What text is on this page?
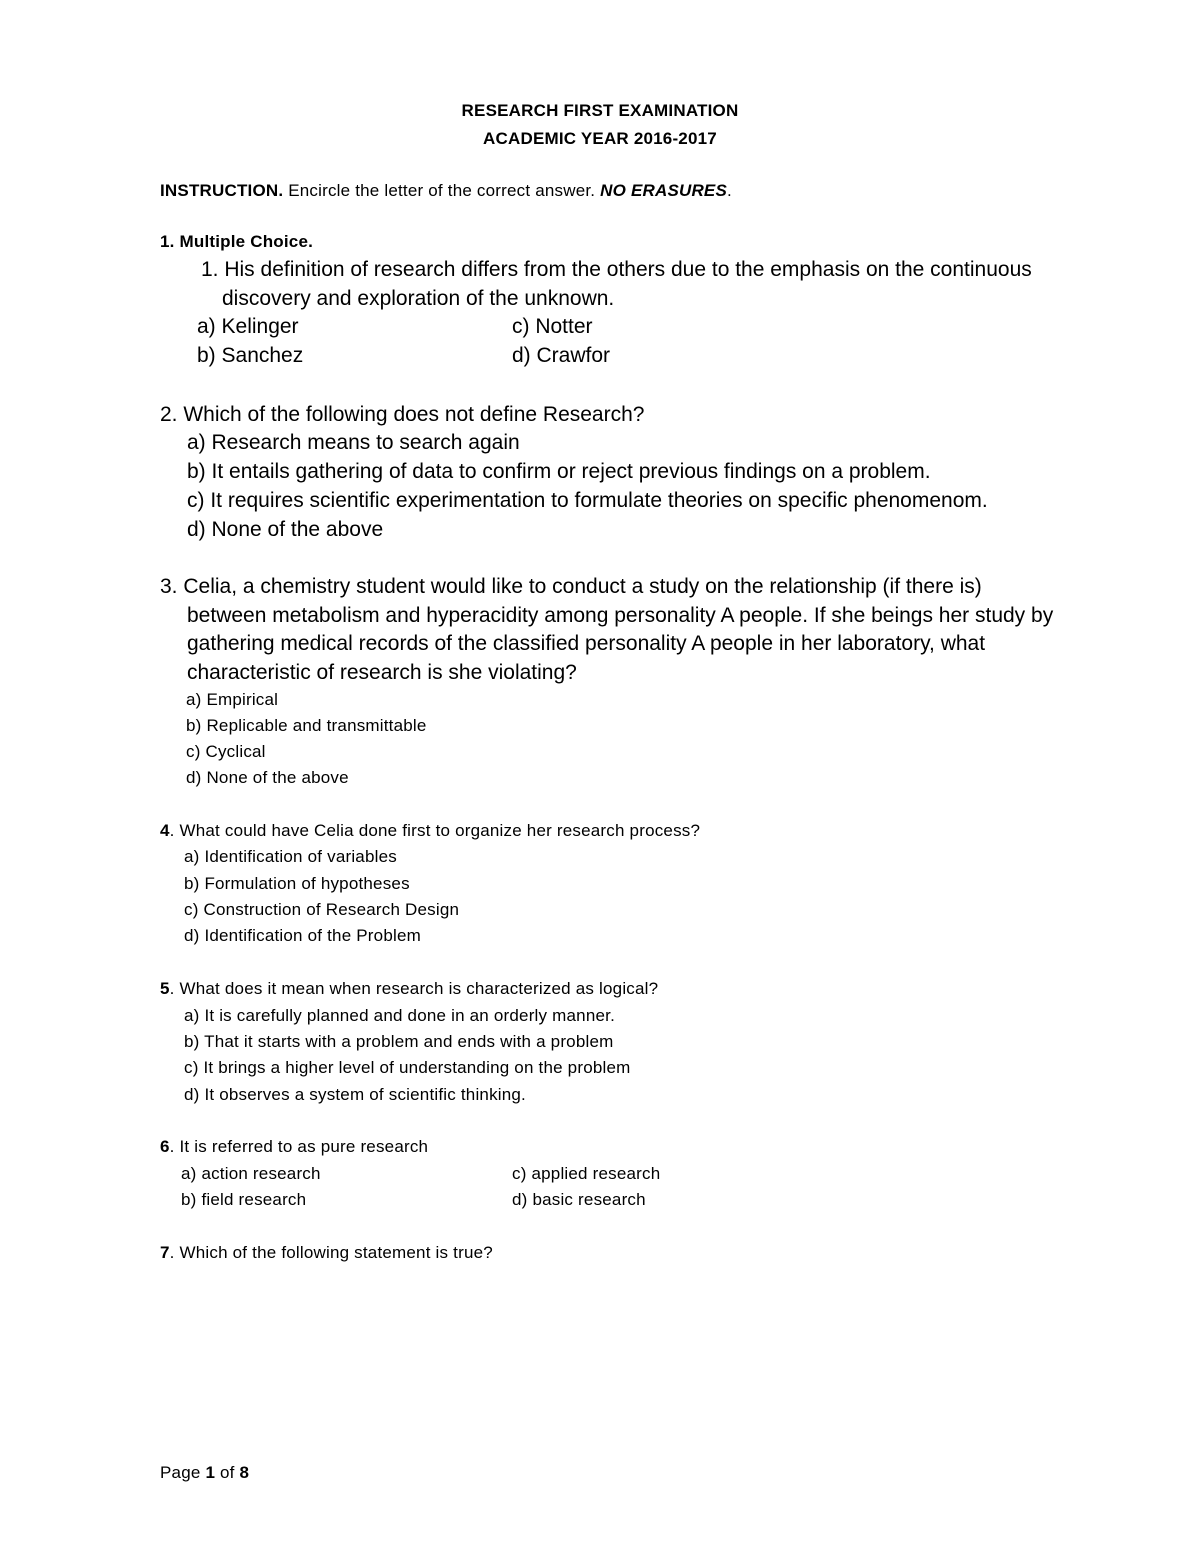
RESEARCH FIRST EXAMINATION
ACADEMIC YEAR 2016-2017
INSTRUCTION. Encircle the letter of the correct answer. NO ERASURES.
1. Multiple Choice.
1. His definition of research differs from the others due to the emphasis on the continuous
discovery and exploration of the unknown.
a) Kelinger
b) Sanchez
c) Notter
d) Crawfor
2. Which of the following does not define Research?
a) Research means to search again
b) It entails gathering of data to confirm or reject previous findings on a problem.
c) It requires scientific experimentation to formulate theories on specific phenomenom.
d) None of the above
3. Celia, a chemistry student would like to conduct a study on the relationship (if there is)
between metabolism and hyperacidity among personality A people. If she beings her study by
gathering medical records of the classified personality A people in her laboratory, what
characteristic of research is she violating?
a) Empirical
b) Replicable and transmittable
c) Cyclical
d) None of the above
4. What could have Celia done first to organize her research process?
a) Identification of variables
b) Formulation of hypotheses
c) Construction of Research Design
d) Identification of the Problem
5. What does it mean when research is characterized as logical?
a) It is carefully planned and done in an orderly manner.
b) That it starts with a problem and ends with a problem
c) It brings a higher level of understanding on the problem
d) It observes a system of scientific thinking.
6. It is referred to as pure research
a) action research
b) field research
c) applied research
d) basic research
7. Which of the following statement is true?
Page 1 of 8
